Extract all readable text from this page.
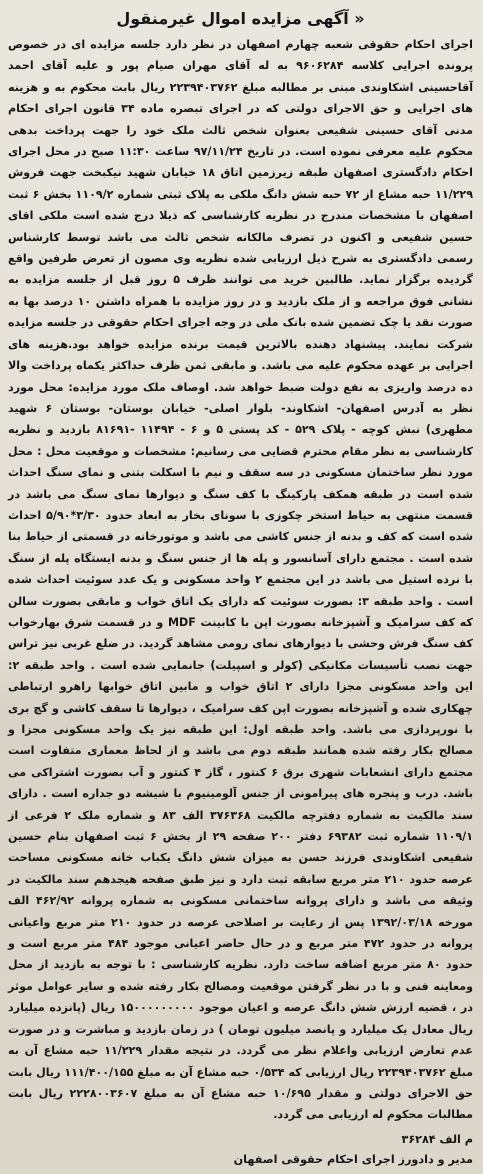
« آگهی مزایده اموال غیرمنقول

اجرای احکام حقوقی شعبه چهارم اصفهان در نظر دارد جلسه مزایده ای در خصوص پرونده اجرایی کلاسه ۹۶۰۶۲۸۴ به له آقای مهران صیام پور و علیه آقای احمد آقاحسینی اشکاوندی مبنی بر مطالبه مبلغ ۲۲۳۹۴۰۳۷۶۲ ریال بابت محکوم به و هزینه های اجرایی و حق الاجرای دولتی که در اجرای تبصره ماده ۳۴ قانون اجرای احکام مدنی آقای حسینی شفیعی بعنوان شخص ثالث ملک خود را جهت پرداخت بدهی محکوم علیه معرفی نموده است. در تاریخ ۹۷/۱۱/۲۴ ساعت ۱۱:۳۰ صبح در محل اجرای احکام دادگستری اصفهان طبقه زیرزمین اتاق ۱۸ خیابان شهید نیکبخت جهت فروش ۱۱/۲۲۹ حبه مشاع از ۷۲ حبه شش دانگ ملکی به پلاک ثبتی شماره ۱۱۰۹/۲ بخش ۶ ثبت اصفهان با مشخصات مندرج در نظریه کارشناسی که ذیلا درج شده است ملکی اقای حسین شفیعی و اکنون در تصرف مالکانه شخص ثالث می باشد توسط کارشناس رسمی دادگستری به شرح ذیل ارزیابی شده نظریه وی مصون از تعرض طرفین واقع گردیده برگزار نماید. طالبین خرید می توانند ظرف ۵ روز قبل از جلسه مزایده به نشانی فوق مراجعه و از ملک بازدید و در روز مزایده با همراه داشتن ۱۰ درصد بها به صورت نقد یا چک تضمین شده بانک ملی در وجه اجرای احکام حقوقی در جلسه مزایده شرکت نمایند. پیشنهاد دهنده بالاترین قیمت برنده مزایده خواهد بود.هزینه های اجرایی بر عهده محکوم علیه می باشد. و مابقی ثمن ظرف حداکثر یکماه پرداخت والا ده درصد واریزی به نفع دولت ضبط خواهد شد. اوصاف ملک مورد مزایده: محل مورد نظر به آدرس اصفهان- اشکاوند- بلوار اصلی- خیابان بوستان- بوستان ۶ شهید مطهری) نبش کوچه - پلاک ۵۲۹ - کد پستی ۵ و ۶ - ۱۱۴۹۴ -۸۱۶۹۱ بازدید و نظریه کارشناسی به نظر مقام محترم قضایی می رسانیم: مشخصات و موقعیت محل : محل مورد نظر ساختمان مسکونی در سه سقف و نیم با اسکلت بتنی و نمای سنگ احداث شده است در طبقه همکف پارکینگ با کف سنگ و دیوارها نمای سنگ می باشد در قسمت منتهی به حیاط استخر چکوزی با سونای بخار به ابعاد حدود ۳/۳۰*۵/۹۰ احداث شده است که کف و بدنه از جنس کاشی می باشد و موتورخانه در قسمتی از حیاط بنا شده است . مجتمع دارای آسانسور و پله ها از جنس سنگ و بدنه ایستگاه پله از سنگ با نرده استیل می باشد در این مجتمع ۲ واحد مسکونی و یک عدد سوئیت احداث شده است . واحد طبقه ۳: بصورت سوئیت که دارای یک اتاق خواب و مابقی بصورت سالن که کف سرامیک و آشپزخانه بصورت اپن با کابینت MDF و در قسمت شرق بهارخواب کف سنگ فرش وحشی با دیوارهای نمای رومی مشاهد گردید. در ضلع غربی نیز تراس جهت نصب تأسیسات مکانیکی (کولر و اسپیلت) جانمایی شده است . واحد طبقه ۲: این واحد مسکونی مجزا دارای ۲ اتاق خواب و مابین اتاق خوابها راهرو ارتباطی چهکاری شده و آشپزخانه بصورت اپن کف سرامیک ، دیوارها تا سقف کاشی و گچ بری با نورپردازی می باشد. واحد طبقه اول: این طبقه نیز یک واحد مسکونی مجزا و مصالح بکار رفته شده همانند طبقه دوم می باشد و از لحاظ معماری متفاوت است مجتمع دارای انشعابات شهری برق ۶ کنتور ، گاز ۴ کنتور و آب بصورت اشتراکی می باشد. درب و پنجره های پیرامونی از جنس آلومینیوم با شیشه دو جداره است . دارای سند مالکیت به شماره دفترچه مالکیت ۳۷۶۳۶۸ الف ۸۳ و شماره ملک ۲ فرعی از ۱۱۰۹/۱ شماره ثبت ۶۹۳۸۲ دفتر ۲۰۰ صفحه ۲۹ از بخش ۶ ثبت اصفهان بنام حسین شفیعی اشکاوندی فرزند حسن به میزان شش دانگ یکباب خانه مسکونی مساحت عرصه حدود ۲۱۰ متر مربع سابقه ثبت دارد و نیز طبق صفحه هیجدهم سند مالکیت در وثیقه می باشد و دارای پروانه ساختمانی مسکونی به شماره پروانه ۴۶۲/۹۲ الف مورخه ۱۳۹۲/۰۳/۱۸ پس از رعایت بر اصلاحی عرصه در حدود ۲۱۰ متر مربع واعیانی پروانه در حدود ۴۷۲ متر مربع و در حال حاضر اعیانی موجود ۴۸۴ متر مربع است و حدود ۸۰ متر مربع اضافه ساخت دارد. نظریه کارشناسی : با توجه به بازدید از محل ومعاینه فنی و با در نظر گرفتن موقعیت ومصالح بکار رفته شده و سایر عوامل موثر در ، قضیه ارزش شش دانگ عرصه و اعیان موجود ۱۵۰۰۰۰۰۰۰۰۰ ریال (پانزده میلیارد ریال معادل یک میلیارد و پانصد میلیون تومان ) در زمان بازدید و مباشرت و در صورت عدم تعارض ارزیابی واعلام نظر می گردد. در نتیجه مقدار ۱۱/۲۲۹ حبه مشاع آن به مبلغ ۲۲۳۹۴۰۳۷۶۲ ریال ارزیابی که ۰/۵۳۴ حبه مشاع آن به مبلغ ۱۱۱/۴۰۰/۱۵۵ ریال بابت حق الاجرای دولتی و مقدار ۱۰/۶۹۵ حبه مشاع آن به مبلغ ۲۲۲۸۰۰۳۶۰۷ ریال بابت مطالبات محکوم له ارزیابی می گردد.

م الف ۳۶۲۸۴
مدیر و دادورز اجرای احکام حقوقی اصفهان
